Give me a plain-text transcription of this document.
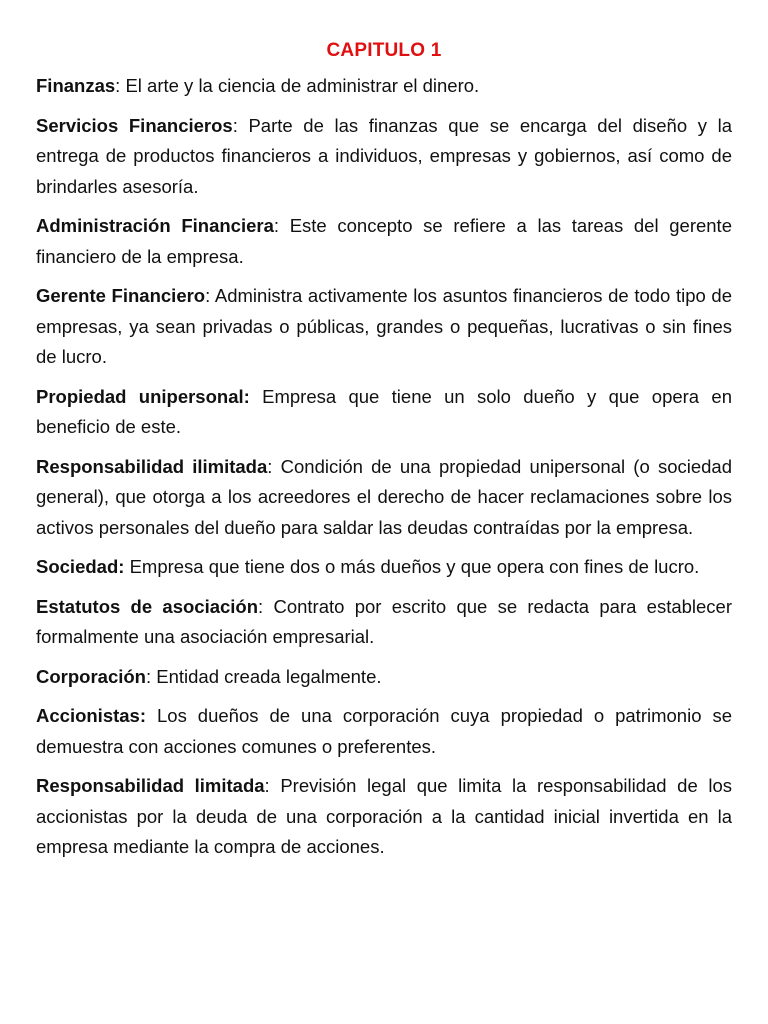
CAPITULO 1

Finanzas: El arte y la ciencia de administrar el dinero.

Servicios Financieros: Parte de las finanzas que se encarga del diseño y la entrega de productos financieros a individuos, empresas y gobiernos, así como de brindarles asesoría.

Administración Financiera: Este concepto se refiere a las tareas del gerente financiero de la empresa.

Gerente Financiero: Administra activamente los asuntos financieros de todo tipo de empresas, ya sean privadas o públicas, grandes o pequeñas, lucrativas o sin fines de lucro.

Propiedad unipersonal: Empresa que tiene un solo dueño y que opera en beneficio de este.

Responsabilidad ilimitada: Condición de una propiedad unipersonal (o sociedad general), que otorga a los acreedores el derecho de hacer reclamaciones sobre los activos personales del dueño para saldar las deudas contraídas por la empresa.

Sociedad: Empresa que tiene dos o más dueños y que opera con fines de lucro.

Estatutos de asociación: Contrato por escrito que se redacta para establecer formalmente una asociación empresarial.

Corporación: Entidad creada legalmente.

Accionistas: Los dueños de una corporación cuya propiedad o patrimonio se demuestra con acciones comunes o preferentes.

Responsabilidad limitada: Previsión legal que limita la responsabilidad de los accionistas por la deuda de una corporación a la cantidad inicial invertida en la empresa mediante la compra de acciones.
